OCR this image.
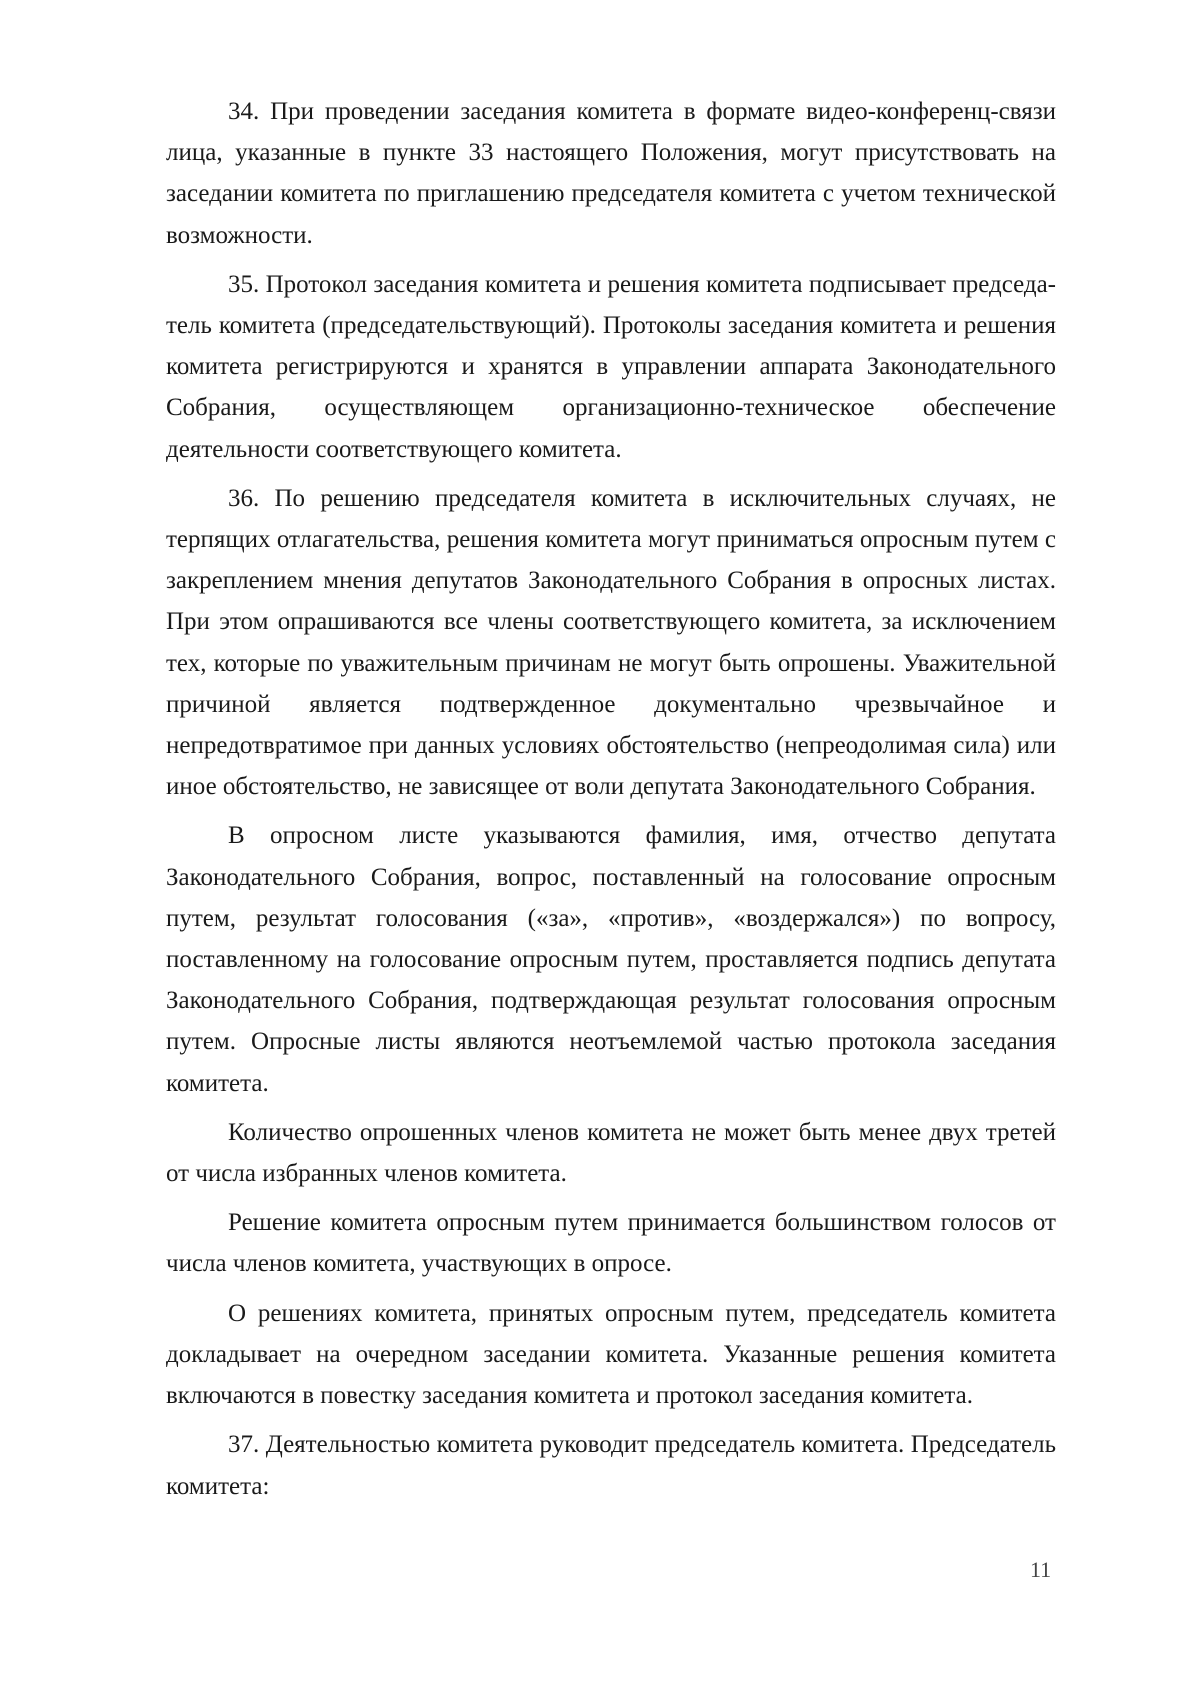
34. При проведении заседания комитета в формате видео-конференц-связи лица, указанные в пункте 33 настоящего Положения, могут присутствовать на заседании комитета по приглашению председателя комитета с учетом технической возможности.

35. Протокол заседания комитета и решения комитета подписывает председатель комитета (председательствующий). Протоколы заседания комитета и решения комитета регистрируются и хранятся в управлении аппарата Законодательного Собрания, осуществляющем организационно-техническое обеспечение деятельности соответствующего комитета.

36. По решению председателя комитета в исключительных случаях, не терпящих отлагательства, решения комитета могут приниматься опросным путем с закреплением мнения депутатов Законодательного Собрания в опросных листах. При этом опрашиваются все члены соответствующего комитета, за исключением тех, которые по уважительным причинам не могут быть опрошены. Уважительной причиной является подтвержденное документально чрезвычайное и непредотвратимое при данных условиях обстоятельство (непреодолимая сила) или иное обстоятельство, не зависящее от воли депутата Законодательного Собрания.

В опросном листе указываются фамилия, имя, отчество депутата Законодательного Собрания, вопрос, поставленный на голосование опросным путем, результат голосования («за», «против», «воздержался») по вопросу, поставленному на голосование опросным путем, проставляется подпись депутата Законодательного Собрания, подтверждающая результат голосования опросным путем. Опросные листы являются неотъемлемой частью протокола заседания комитета.

Количество опрошенных членов комитета не может быть менее двух третей от числа избранных членов комитета.

Решение комитета опросным путем принимается большинством голосов от числа членов комитета, участвующих в опросе.

О решениях комитета, принятых опросным путем, председатель комитета докладывает на очередном заседании комитета. Указанные решения комитета включаются в повестку заседания комитета и протокол заседания комитета.

37. Деятельностью комитета руководит председатель комитета. Председатель комитета:

11
